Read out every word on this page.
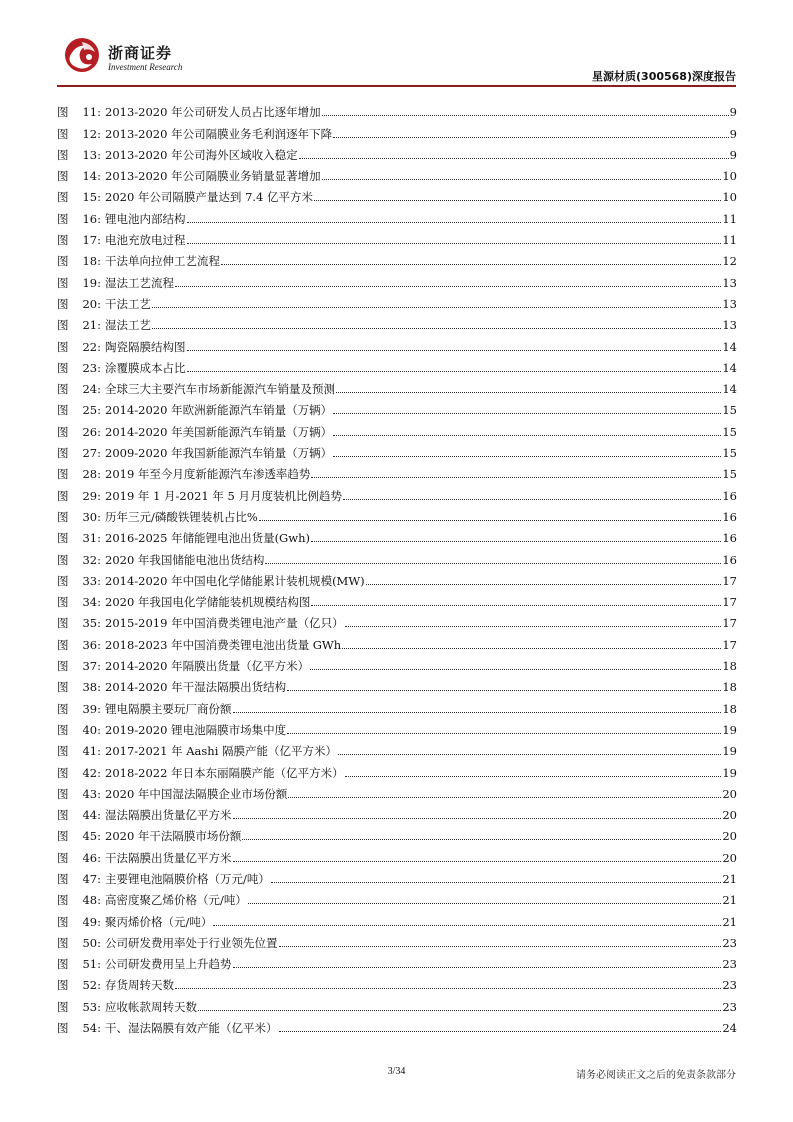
浙商证券
Investment Research
星源材质(300568)深度报告
图	11: 2013-2020 年公司研发人员占比逐年增加	9
图	12: 2013-2020 年公司隔膜业务毛利润逐年下降	9
图	13: 2013-2020 年公司海外区域收入稳定	9
图	14: 2013-2020 年公司隔膜业务销量显著增加	10
图	15: 2020 年公司隔膜产量达到 7.4 亿平方米	10
图	16: 锂电池内部结构	11
图	17: 电池充放电过程	11
图	18: 干法单向拉伸工艺流程	12
图	19: 湿法工艺流程	13
图	20: 干法工艺	13
图	21: 湿法工艺	13
图	22: 陶瓷隔膜结构图	14
图	23: 涂覆膜成本占比	14
图	24: 全球三大主要汽车市场新能源汽车销量及预测	14
图	25: 2014-2020 年欧洲新能源汽车销量（万辆）	15
图	26: 2014-2020 年美国新能源汽车销量（万辆）	15
图	27: 2009-2020 年我国新能源汽车销量（万辆）	15
图	28: 2019 年至今月度新能源汽车渗透率趋势	15
图	29: 2019 年 1 月-2021 年 5 月月度装机比例趋势	16
图	30: 历年三元/磷酸铁锂装机占比%	16
图	31: 2016-2025 年储能锂电池出货量(Gwh)	16
图	32: 2020 年我国储能电池出货结构	16
图	33: 2014-2020 年中国电化学储能累计装机规模(MW)	17
图	34: 2020 年我国电化学储能装机规模结构图	17
图	35: 2015-2019 年中国消费类锂电池产量（亿只）	17
图	36: 2018-2023 年中国消费类锂电池出货量 GWh	17
图	37: 2014-2020 年隔膜出货量（亿平方米）	18
图	38: 2014-2020 年干湿法隔膜出货结构	18
图	39: 锂电隔膜主要玩厂商份额	18
图	40: 2019-2020 锂电池隔膜市场集中度	19
图	41: 2017-2021 年 Aashi 隔膜产能（亿平方米）	19
图	42: 2018-2022 年日本东丽隔膜产能（亿平方米）	19
图	43: 2020 年中国湿法隔膜企业市场份额	20
图	44: 湿法隔膜出货量亿平方米	20
图	45: 2020 年干法隔膜市场份额	20
图	46: 干法隔膜出货量亿平方米	20
图	47: 主要锂电池隔膜价格（万元/吨）	21
图	48: 高密度聚乙烯价格（元/吨）	21
图	49: 聚丙烯价格（元/吨）	21
图	50: 公司研发费用率处于行业领先位置	23
图	51: 公司研发费用呈上升趋势	23
图	52: 存货周转天数	23
图	53: 应收帐款周转天数	23
图	54: 干、湿法隔膜有效产能（亿平米）	24
3/34	请务必阅读正文之后的免责条款部分
